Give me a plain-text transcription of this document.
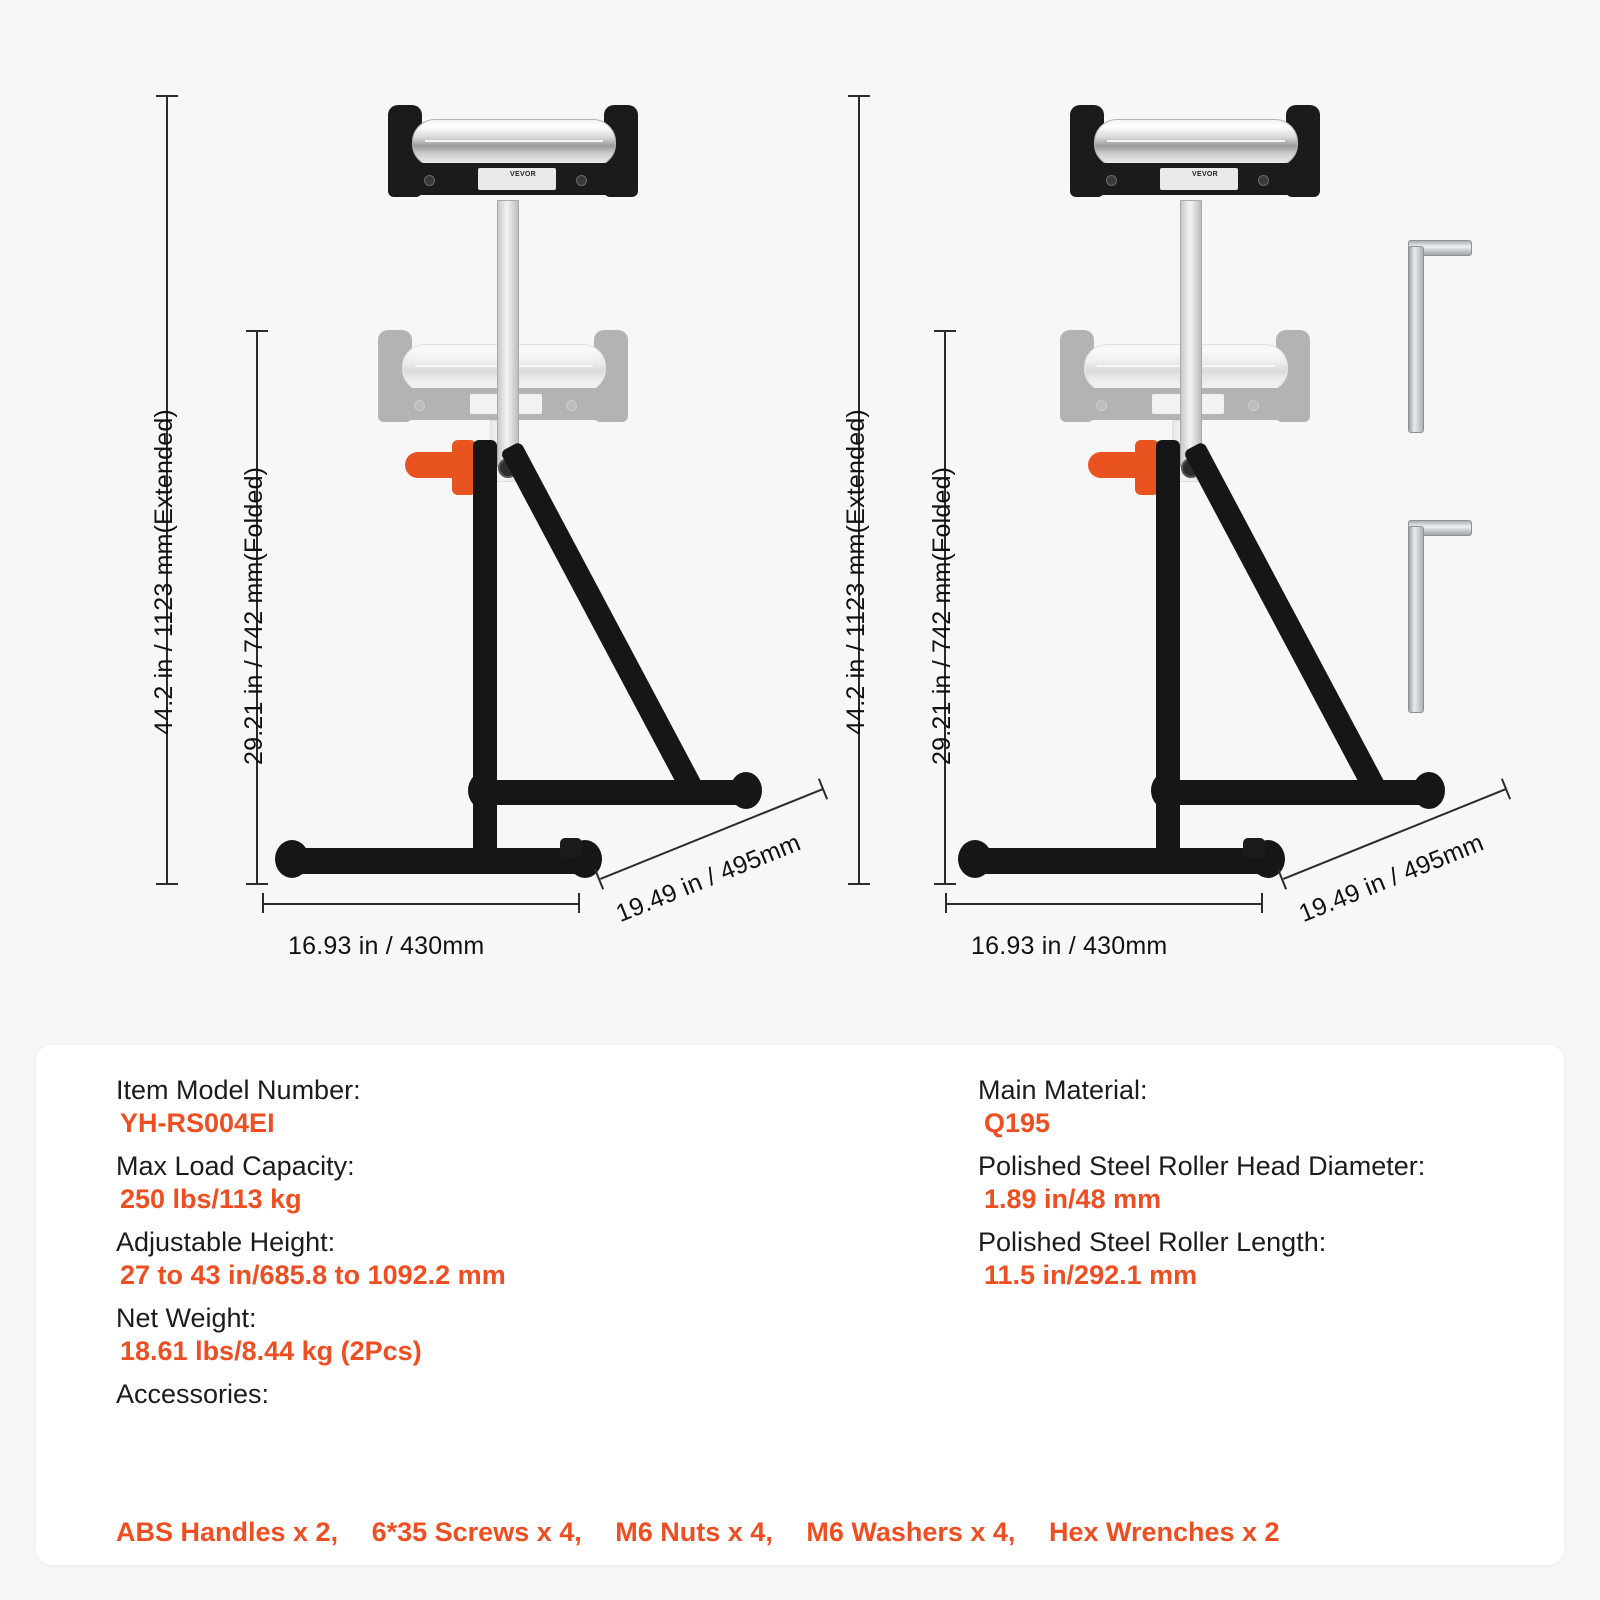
44.2 in / 1123 mm(Extended) 29.21 in / 742 mm(Folded)
VEVOR
16.93 in / 430mm
19.49 in / 495mm
44.2 in / 1123 mm(Extended) 29.21 in / 742 mm(Folded)
VEVOR
16.93 in / 430mm
19.49 in / 495mm
Item Model Number:
YH-RS004EI
Max Load Capacity:
250 lbs/113 kg
Adjustable Height:
27 to 43 in/685.8 to 1092.2 mm
Net Weight:
18.61 lbs/8.44 kg (2Pcs)
Accessories:
Main Material:
Q195
Polished Steel Roller Head Diameter:
1.89 in/48 mm
Polished Steel Roller Length:
11.5 in/292.1 mm
ABS Handles x 2, 6*35 Screws x 4, M6 Nuts x 4, M6 Washers x 4, Hex Wrenches x 2
